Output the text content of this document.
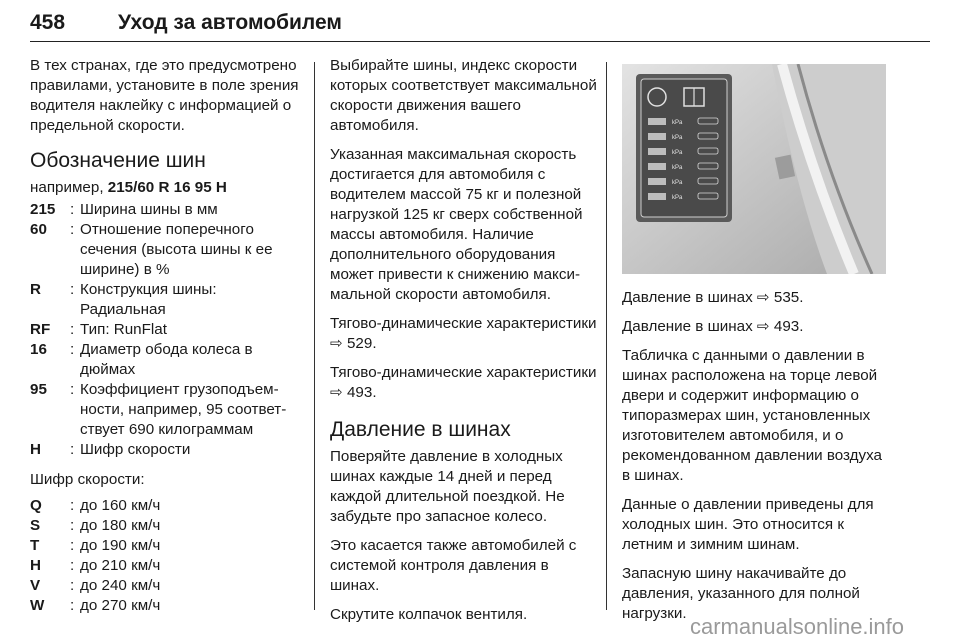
458	Уход за автомобилем

В тех странах, где это предусмотрено правилами, установите в поле зрения водителя наклейку с информацией о предельной скорости.

Обозначение шин
например, 215/60 R 16 95 H
215 : Ширина шины в мм
60	: Отношение поперечного сечения (высота шины к ее ширине) в %
R	: Конструкция шины: Радиальная
RF	: Тип: RunFlat
16	: Диаметр обода колеса в дюймах
95	: Коэффициент грузоподъемности, например, 95 соответствует 690 килограммам
H	: Шифр скорости
Шифр скорости:
Q	: до 160 км/ч
S	: до 180 км/ч
T	: до 190 км/ч
H	: до 210 км/ч
V	: до 240 км/ч
W	: до 270 км/ч

Выбирайте шины, индекс скорости которых соответствует максимальной скорости движения вашего автомобиля.

Указанная максимальная скорость достигается для автомобиля с водителем массой 75 кг и полезной нагрузкой 125 кг сверх собственной массы автомобиля. Наличие дополнительного оборудования может привести к снижению максимальной скорости автомобиля.

Тягово-динамические характеристики ⇨ 529.

Тягово-динамические характеристики ⇨ 493.

Давление в шинах

Поверяйте давление в холодных шинах каждые 14 дней и перед каждой длительной поездкой. Не забудьте про запасное колесо.

Это касается также автомобилей с системой контроля давления в шинах.

Скрутите колпачок вентиля.

kPa
kPa
kPa
kPa
kPa
kPa

Давление в шинах ⇨ 535.

Давление в шинах ⇨ 493.

Табличка с данными о давлении в шинах расположена на торце левой двери и содержит информацию о типоразмерах шин, установленных изготовителем автомобиля, и о рекомендованном давлении воздуха в шинах.

Данные о давлении приведены для холодных шин. Это относится к летним и зимним шинам.

Запасную шину накачивайте до давления, указанного для полной нагрузки.

carmanualsonline.info
